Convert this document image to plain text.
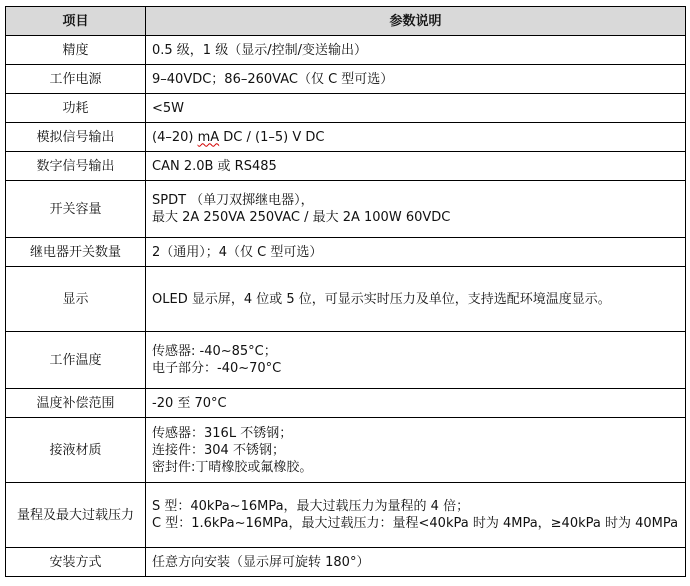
项目	参数说明
精度	0.5 级，1 级（显示/控制/变送输出）

工作电源	9–40VDC；86–260VAC（仅 C 型可选）

功耗	<5W

模拟信号输出	(4–20) mA DC / (1–5) V DC

数字信号输出	CAN 2.0B 或 RS485

开关容量	SPDT （单刀双掷继电器），
最大 2A 250VA 250VAC / 最大 2A 100W 60VDC

继电器开关数量	2（通用）；4（仅 C 型可选）

显示	OLED 显示屏，4 位或 5 位，可显示实时压力及单位，支持选配环境温度显示。

工作温度	传感器: -40~85°C；
电子部分：-40~70°C

温度补偿范围	-20 至 70°C

接液材质	传感器：316L 不锈钢；
连接件：304 不锈钢；
密封件:丁晴橡胶或氟橡胶。

量程及最大过载压力	S 型：40kPa~16MPa，最大过载压力为量程的 4 倍；
C 型：1.6kPa~16MPa，最大过载压力：量程<40kPa 时为 4MPa，≥40kPa 时为 40MPa

安装方式	任意方向安装（显示屏可旋转 180°）
